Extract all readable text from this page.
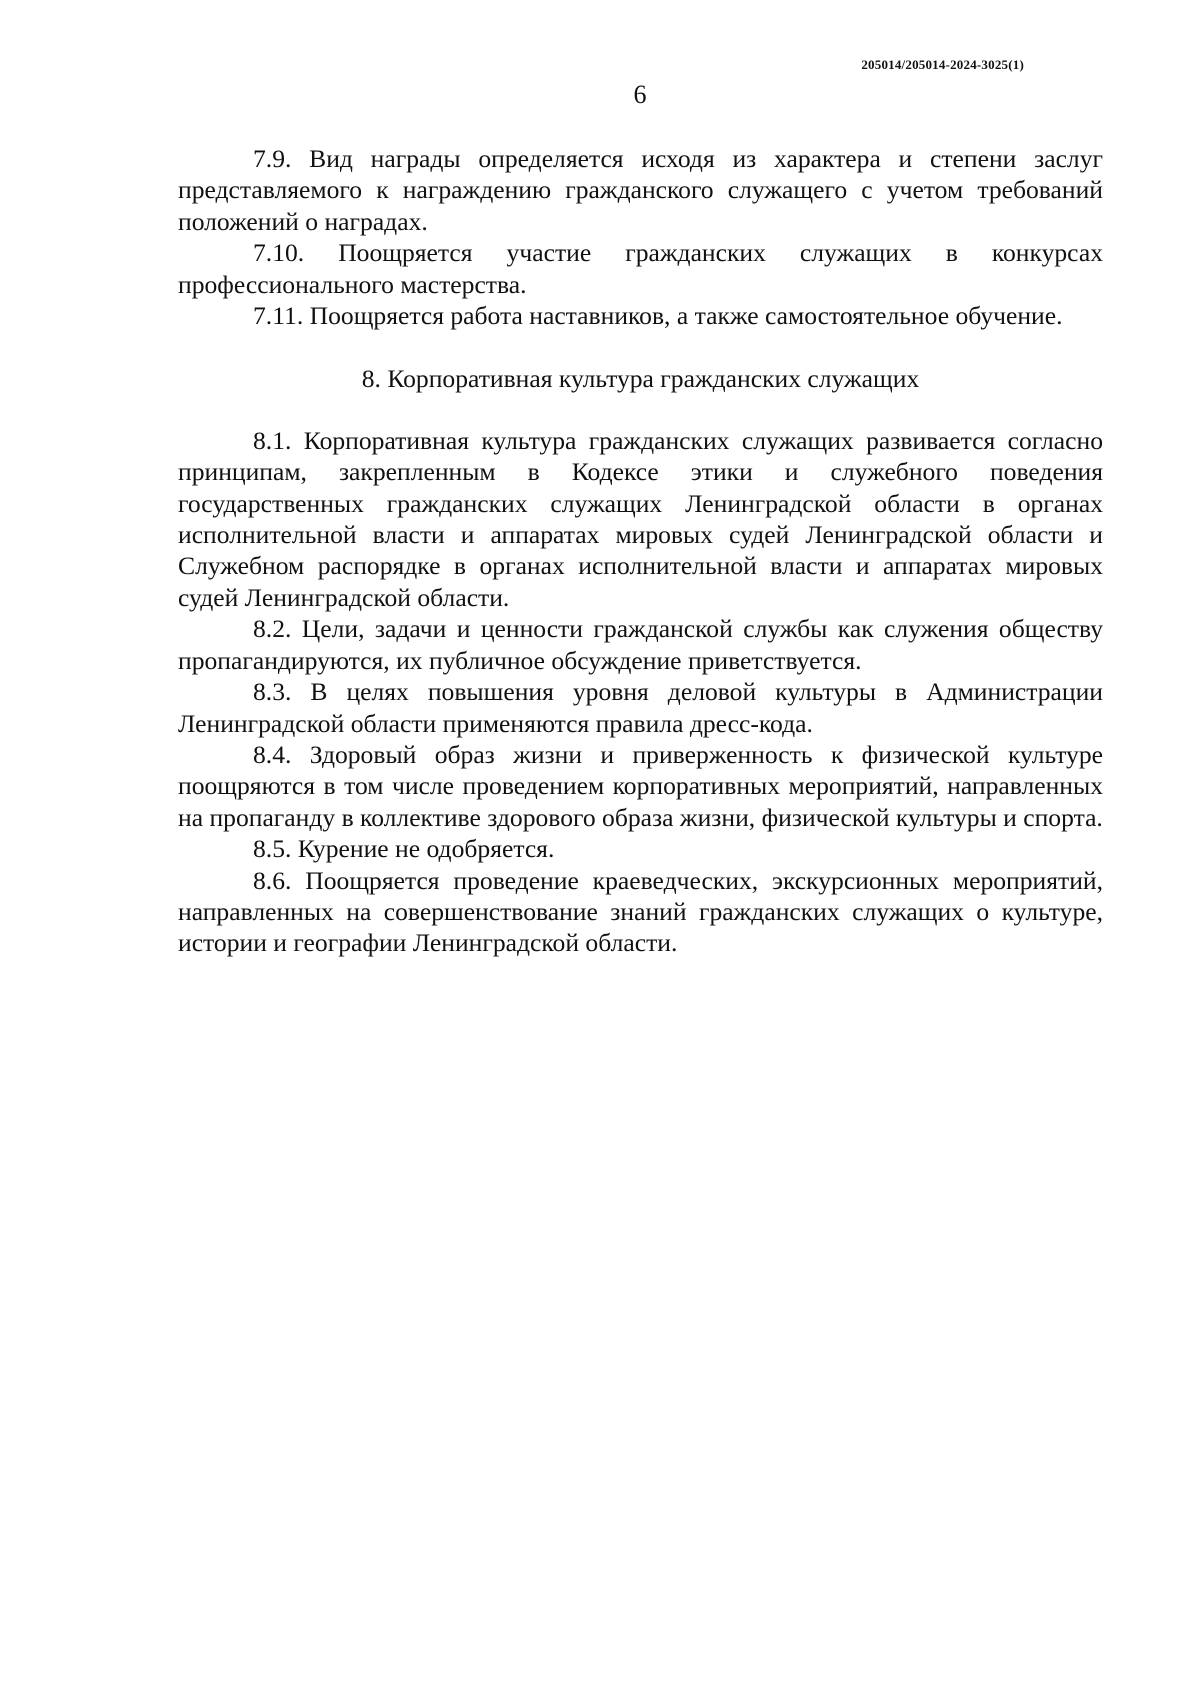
205014/205014-2024-3025(1)
6

7.9. Вид награды определяется исходя из характера и степени заслуг представляемого к награждению гражданского служащего с учетом требований положений о наградах.

7.10. Поощряется участие гражданских служащих в конкурсах профессионального мастерства.

7.11. Поощряется работа наставников, а также самостоятельное обучение.

8. Корпоративная культура гражданских служащих

8.1. Корпоративная культура гражданских служащих развивается согласно принципам, закрепленным в Кодексе этики и служебного поведения государственных гражданских служащих Ленинградской области в органах исполнительной власти и аппаратах мировых судей Ленинградской области и Служебном распорядке в органах исполнительной власти и аппаратах мировых судей Ленинградской области.

8.2. Цели, задачи и ценности гражданской службы как служения обществу пропагандируются, их публичное обсуждение приветствуется.

8.3. В целях повышения уровня деловой культуры в Администрации Ленинградской области применяются правила дресс-кода.

8.4. Здоровый образ жизни и приверженность к физической культуре поощряются в том числе проведением корпоративных мероприятий, направленных на пропаганду в коллективе здорового образа жизни, физической культуры и спорта.

8.5. Курение не одобряется.

8.6. Поощряется проведение краеведческих, экскурсионных мероприятий, направленных на совершенствование знаний гражданских служащих о культуре, истории и географии Ленинградской области.
